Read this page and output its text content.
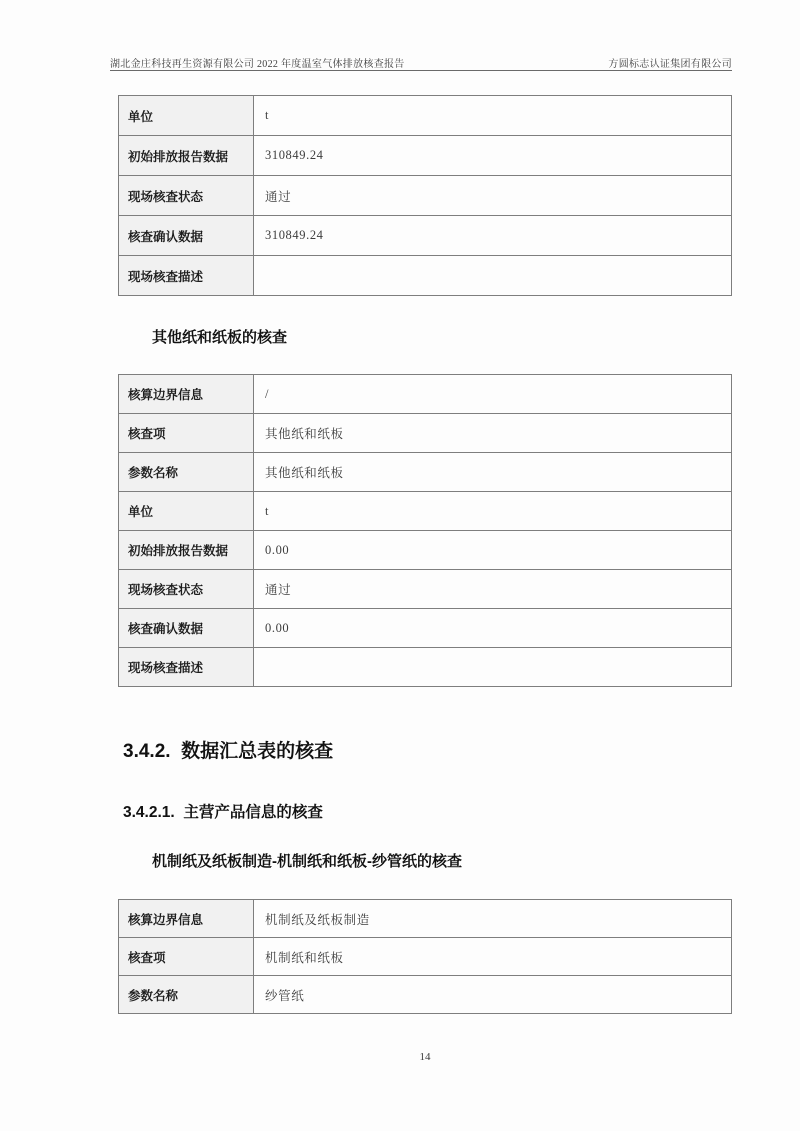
湖北金庄科技再生资源有限公司 2022 年度温室气体排放核查报告	方圆标志认证集团有限公司
单位	t
初始排放报告数据	310849.24
现场核查状态	通过
核查确认数据	310849.24
现场核查描述	
其他纸和纸板的核查
核算边界信息	/
核查项	其他纸和纸板
参数名称	其他纸和纸板
单位	t
初始排放报告数据	0.00
现场核查状态	通过
核查确认数据	0.00
现场核查描述	
3.4.2.  数据汇总表的核查
3.4.2.1.  主营产品信息的核查
机制纸及纸板制造-机制纸和纸板-纱管纸的核查
核算边界信息	机制纸及纸板制造
核查项	机制纸和纸板
参数名称	纱管纸
14
